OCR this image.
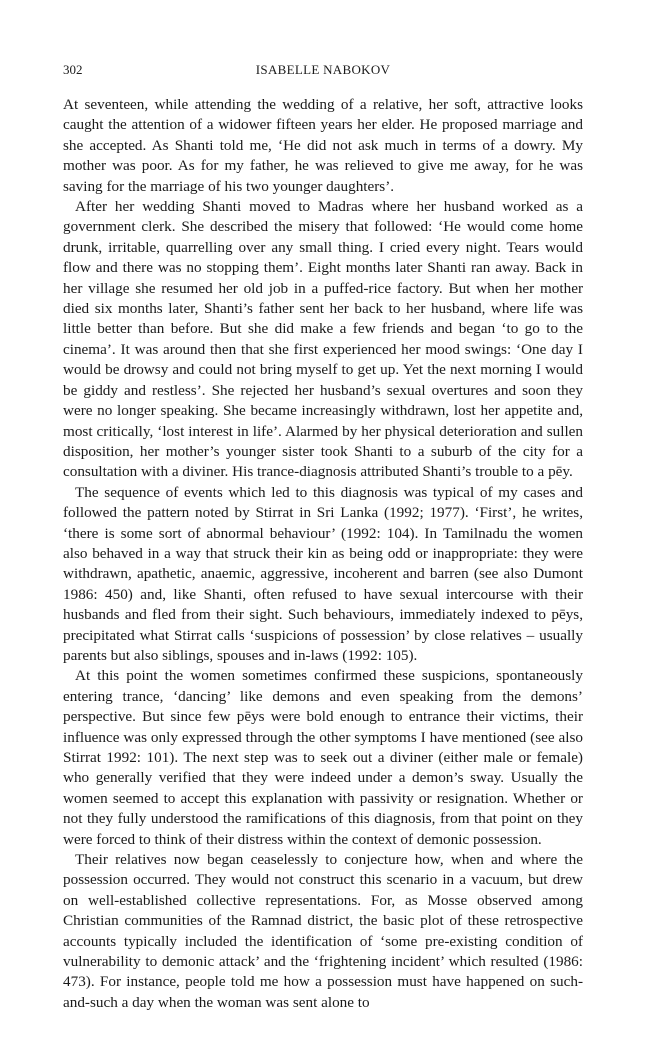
302	ISABELLE NABOKOV

At seventeen, while attending the wedding of a relative, her soft, attractive looks caught the attention of a widower fifteen years her elder. He proposed marriage and she accepted. As Shanti told me, ‘He did not ask much in terms of a dowry. My mother was poor. As for my father, he was relieved to give me away, for he was saving for the marriage of his two younger daughters’.

After her wedding Shanti moved to Madras where her husband worked as a government clerk. She described the misery that followed: ‘He would come home drunk, irritable, quarrelling over any small thing. I cried every night. Tears would flow and there was no stopping them’. Eight months later Shanti ran away. Back in her village she resumed her old job in a puffed-rice factory. But when her mother died six months later, Shanti’s father sent her back to her husband, where life was little better than before. But she did make a few friends and began ‘to go to the cinema’. It was around then that she first experienced her mood swings: ‘One day I would be drowsy and could not bring myself to get up. Yet the next morning I would be giddy and restless’. She rejected her husband’s sexual overtures and soon they were no longer speaking. She became increasingly withdrawn, lost her appetite and, most critically, ‘lost interest in life’. Alarmed by her physical deterioration and sullen disposition, her mother’s younger sister took Shanti to a suburb of the city for a consultation with a diviner. His trance-diagnosis attributed Shanti’s trouble to a pēy.

The sequence of events which led to this diagnosis was typical of my cases and followed the pattern noted by Stirrat in Sri Lanka (1992; 1977). ‘First’, he writes, ‘there is some sort of abnormal behaviour’ (1992: 104). In Tamilnadu the women also behaved in a way that struck their kin as being odd or inappropriate: they were withdrawn, apathetic, anaemic, aggressive, incoherent and barren (see also Dumont 1986: 450) and, like Shanti, often refused to have sexual intercourse with their husbands and fled from their sight. Such behaviours, immediately indexed to pēys, precipitated what Stirrat calls ‘suspicions of possession’ by close relatives – usually parents but also siblings, spouses and in-laws (1992: 105).

At this point the women sometimes confirmed these suspicions, spontaneously entering trance, ‘dancing’ like demons and even speaking from the demons’ perspective. But since few pēys were bold enough to entrance their victims, their influence was only expressed through the other symptoms I have mentioned (see also Stirrat 1992: 101). The next step was to seek out a diviner (either male or female) who generally verified that they were indeed under a demon’s sway. Usually the women seemed to accept this explanation with passivity or resignation. Whether or not they fully understood the ramifications of this diagnosis, from that point on they were forced to think of their distress within the context of demonic possession.

Their relatives now began ceaselessly to conjecture how, when and where the possession occurred. They would not construct this scenario in a vacuum, but drew on well-established collective representations. For, as Mosse observed among Christian communities of the Ramnad district, the basic plot of these retrospective accounts typically included the identification of ‘some pre-existing condition of vulnerability to demonic attack’ and the ‘frightening incident’ which resulted (1986: 473). For instance, people told me how a possession must have happened on such-and-such a day when the woman was sent alone to
